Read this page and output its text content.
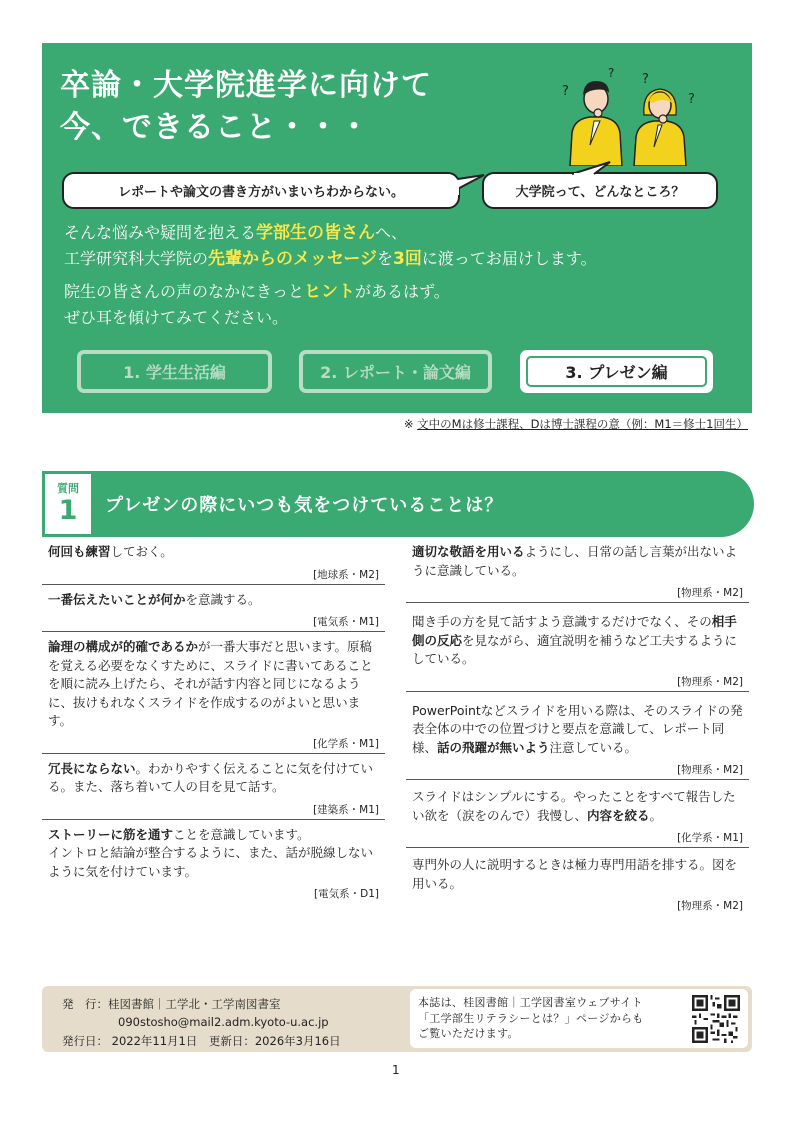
卒論・大学院進学に向けて
今、できること・・・
?
? ?
?
レポートや論文の書き方がいまいちわからない。	大学院って、どんなところ？
そんな悩みや疑問を抱える学部生の皆さんへ、
工学研究科大学院の先輩からのメッセージを3回に渡ってお届けします。
院生の皆さんの声のなかにきっとヒントがあるはず。
ぜひ耳を傾けてみてください。
1. 学生生活編	2. レポート・論文編	3. プレゼン編
※ 文中のMは修士課程、Dは博士課程の意（例：M1＝修士1回生）
質問
1 プレゼンの際にいつも気をつけていることは？

何回も練習しておく。

[地球系・M2]

一番伝えたいことが何かを意識する。

[電気系・M1]

論理の構成が的確であるかが一番大事だと思います。原稿を覚える必要をなくすために、スライドに書いてあることを順に読み上げたら、それが話す内容と同じになるように、抜けもれなくスライドを作成するのがよいと思います。

[化学系・M1]

冗長にならない。わかりやすく伝えることに気を付けている。また、落ち着いて人の目を見て話す。

[建築系・M1]

ストーリーに筋を通すことを意識しています。
イントロと結論が整合するように、また、話が脱線しないように気を付けています。

[電気系・D1]

適切な敬語を用いるようにし、日常の話し言葉が出ないように意識している。

[物理系・M2]

聞き手の方を見て話すよう意識するだけでなく、その相手側の反応を見ながら、適宜説明を補うなど工夫するようにしている。

[物理系・M2]

PowerPointなどスライドを用いる際は、そのスライドの発表全体の中での位置づけと要点を意識して、レポート同様、話の飛躍が無いよう注意している。

[物理系・M2]

スライドはシンプルにする。やったことをすべて報告したい欲を（涙をのんで）我慢し、内容を絞る。

[化学系・M1]

専門外の人に説明するときは極力専門用語を排する。図を用いる。

[物理系・M2]
発　行：桂図書館｜工学北・工学南図書室
090stosho@mail2.adm.kyoto-u.ac.jp
発行日： 2022年11月1日　更新日：2026年3月16日
本誌は、桂図書館｜工学図書室ウェブサイト
「工学部生リテラシーとは？」ページからも
ご覧いただけます。
1
